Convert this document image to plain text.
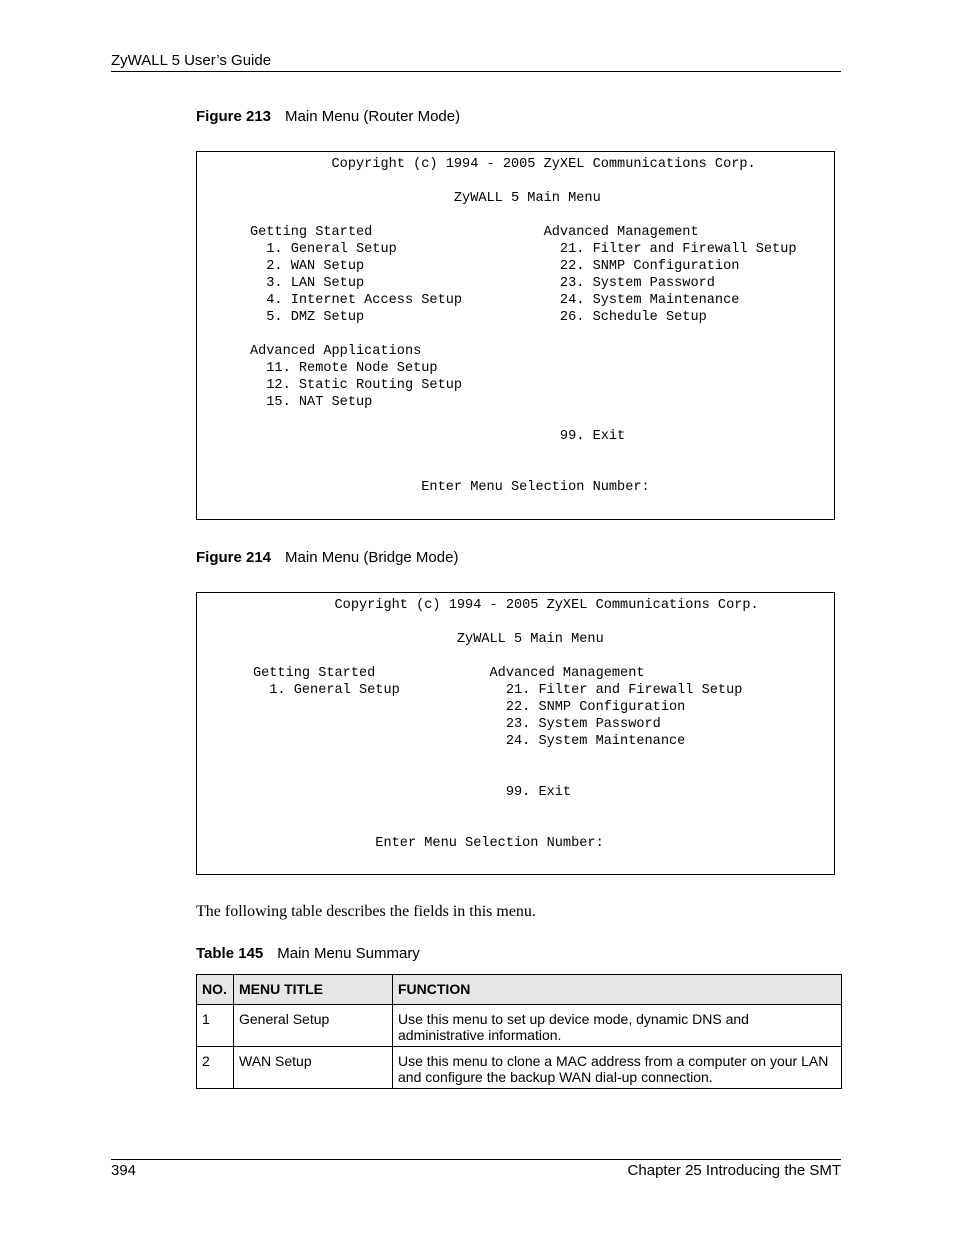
ZyWALL 5 User’s Guide
Figure 213 Main Menu (Router Mode)
Copyright (c) 1994 - 2005 ZyXEL Communications Corp.
ZyWALL 5 Main Menu
Getting Started                     Advanced Management
1. General Setup                    21. Filter and Firewall Setup
2. WAN Setup                        22. SNMP Configuration
3. LAN Setup                        23. System Password
4. Internet Access Setup            24. System Maintenance
5. DMZ Setup                        26. Schedule Setup
Advanced Applications
11. Remote Node Setup
12. Static Routing Setup
15. NAT Setup
99. Exit
Enter Menu Selection Number:
Figure 214 Main Menu (Bridge Mode)
Copyright (c) 1994 - 2005 ZyXEL Communications Corp.
ZyWALL 5 Main Menu
Getting Started              Advanced Management
1. General Setup             21. Filter and Firewall Setup
22. SNMP Configuration
23. System Password
24. System Maintenance
99. Exit
Enter Menu Selection Number:
The following table describes the fields in this menu.
Table 145 Main Menu Summary
NO.	MENU TITLE	FUNCTION
1	General Setup	Use this menu to set up device mode, dynamic DNS and administrative information.
2	WAN Setup	Use this menu to clone a MAC address from a computer on your LAN and configure the backup WAN dial-up connection.
394	Chapter 25 Introducing the SMT
